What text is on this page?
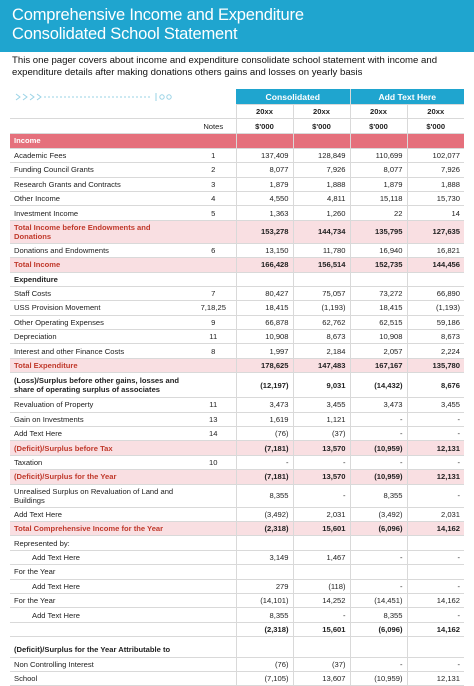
Comprehensive Income and Expenditure
Consolidated School Statement
This one pager covers about income and expenditure consolidate school statement with income and expenditure details after making donations others gains and losses on yearly basis
		Consolidated		Add Text Here	
		20xx	20xx	20xx	20xx
	Notes	$'000	$'000	$'000	$'000
Income					
Academic Fees	1	137,409	128,849	110,699	102,077
Funding Council Grants	2	8,077	7,926	8,077	7,926
Research Grants and Contracts	3	1,879	1,888	1,879	1,888
Other Income	4	4,550	4,811	15,118	15,730
Investment Income	5	1,363	1,260	22	14
Total Income before Endowments and Donations		153,278	144,734	135,795	127,635
Donations and Endowments	6	13,150	11,780	16,940	16,821
Total Income		166,428	156,514	152,735	144,456
Expenditure					
Staff Costs	7	80,427	75,057	73,272	66,890
USS Provision Movement	7,18,25	18,415	(1,193)	18,415	(1,193)
Other Operating Expenses	9	66,878	62,762	62,515	59,186
Depreciation	11	10,908	8,673	10,908	8,673
Interest and other Finance Costs	8	1,997	2,184	2,057	2,224
Total Expenditure		178,625	147,483	167,167	135,780
(Loss)/Surplus before other gains, losses and share of operating surplus of associates		(12,197)	9,031	(14,432)	8,676
Revaluation of Property	11	3,473	3,455	3,473	3,455
Gain on Investments	13	1,619	1,121	-	-
Add Text Here	14	(76)	(37)	-	-
(Deficit)/Surplus before Tax		(7,181)	13,570	(10,959)	12,131
Taxation	10	-	-	-	-
(Deficit)/Surplus for the Year		(7,181)	13,570	(10,959)	12,131
Unrealised Surplus on Revaluation of Land and Buildings		8,355	-	8,355	-
Add Text Here		(3,492)	2,031	(3,492)	2,031
Total Comprehensive Income for the Year		(2,318)	15,601	(6,096)	14,162
Represented by:					
Add Text Here		3,149	1,467	-	-
For the Year					
Add Text Here		279	(118)	-	-
For the Year		(14,101)	14,252	(14,451)	14,162
Add Text Here		8,355	-	8,355	-
		(2,318)	15,601	(6,096)	14,162

(Deficit)/Surplus for the Year Attributable to					
Non Controlling Interest		(76)	(37)	-	-
School		(7,105)	13,607	(10,959)	12,131
